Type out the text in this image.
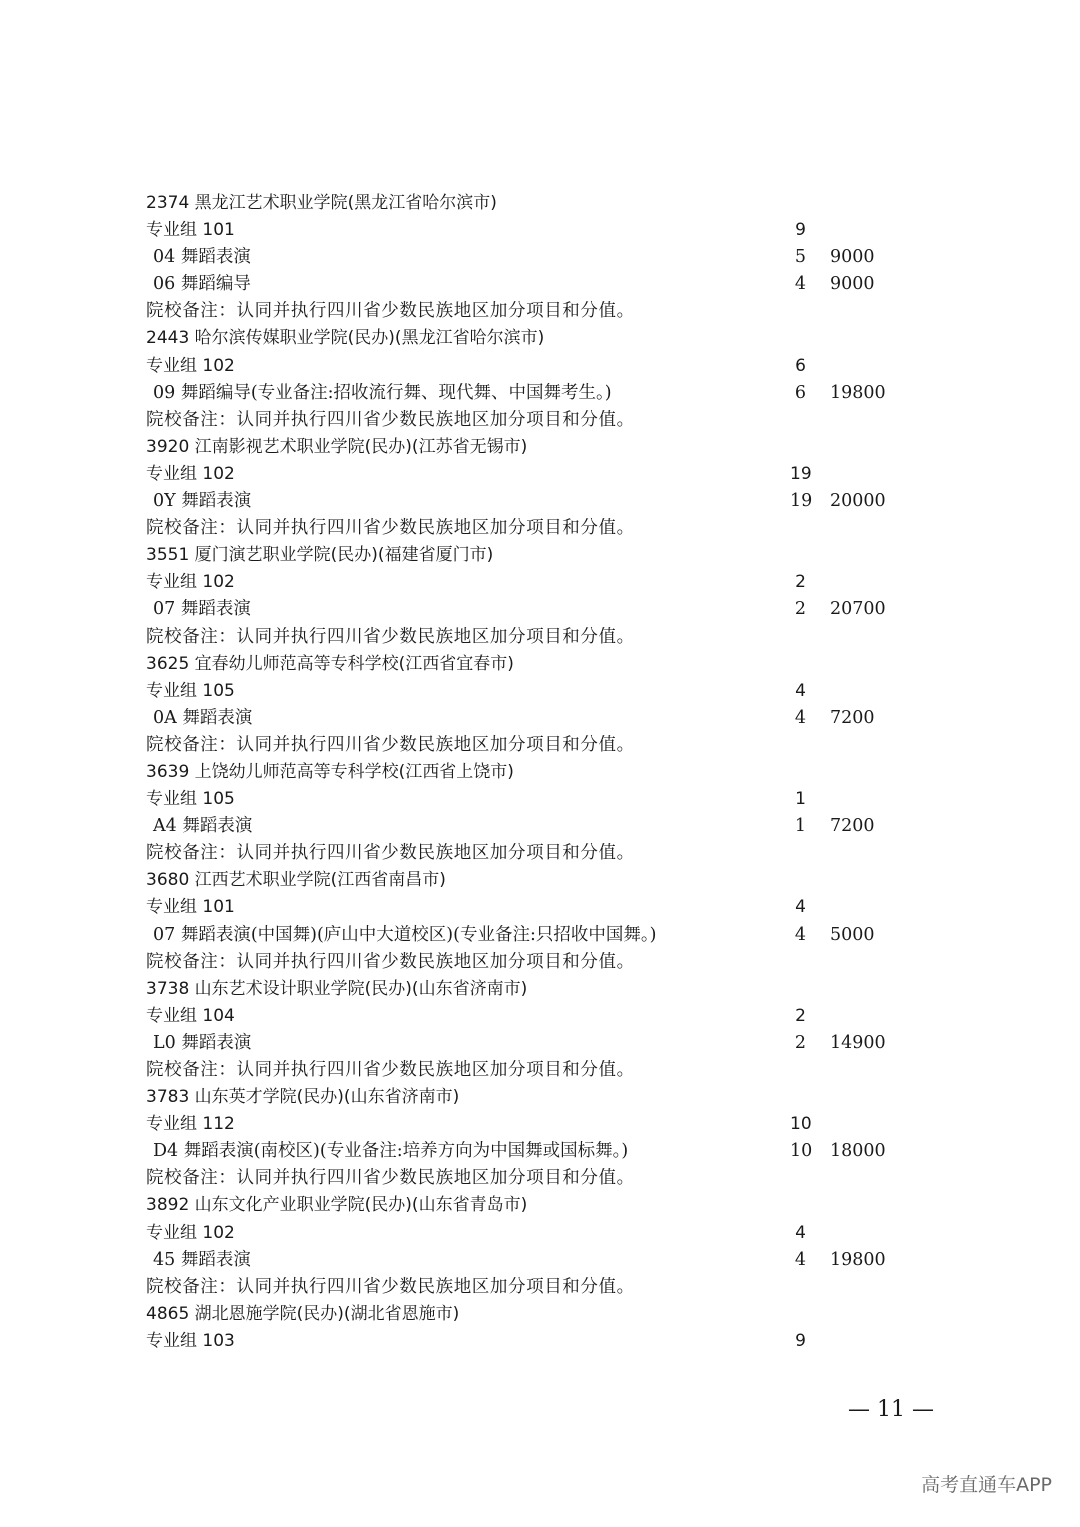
2374 黑龙江艺术职业学院(黑龙江省哈尔滨市)
专业组 101	9
04 舞蹈表演	5 9000
06 舞蹈编导	4 9000
院校备注：认同并执行四川省少数民族地区加分项目和分值。
2443 哈尔滨传媒职业学院(民办)(黑龙江省哈尔滨市)
专业组 102	6
09 舞蹈编导(专业备注:招收流行舞、现代舞、中国舞考生。)	6 19800
院校备注：认同并执行四川省少数民族地区加分项目和分值。
3920 江南影视艺术职业学院(民办)(江苏省无锡市)
专业组 102	19
0Y 舞蹈表演	19 20000
院校备注：认同并执行四川省少数民族地区加分项目和分值。
3551 厦门演艺职业学院(民办)(福建省厦门市)
专业组 102	2
07 舞蹈表演	2 20700
院校备注：认同并执行四川省少数民族地区加分项目和分值。
3625 宜春幼儿师范高等专科学校(江西省宜春市)
专业组 105	4
0A 舞蹈表演	4 7200
院校备注：认同并执行四川省少数民族地区加分项目和分值。
3639 上饶幼儿师范高等专科学校(江西省上饶市)
专业组 105	1
A4 舞蹈表演	1 7200
院校备注：认同并执行四川省少数民族地区加分项目和分值。
3680 江西艺术职业学院(江西省南昌市)
专业组 101	4
07 舞蹈表演(中国舞)(庐山中大道校区)(专业备注:只招收中国舞。)	4 5000
院校备注：认同并执行四川省少数民族地区加分项目和分值。
3738 山东艺术设计职业学院(民办)(山东省济南市)
专业组 104	2
L0 舞蹈表演	2 14900
院校备注：认同并执行四川省少数民族地区加分项目和分值。
3783 山东英才学院(民办)(山东省济南市)
专业组 112	10
D4 舞蹈表演(南校区)(专业备注:培养方向为中国舞或国标舞。)	10 18000
院校备注：认同并执行四川省少数民族地区加分项目和分值。
3892 山东文化产业职业学院(民办)(山东省青岛市)
专业组 102	4
45 舞蹈表演	4 19800
院校备注：认同并执行四川省少数民族地区加分项目和分值。
4865 湖北恩施学院(民办)(湖北省恩施市)
专业组 103	9
— 11 —
高考直通车APP
